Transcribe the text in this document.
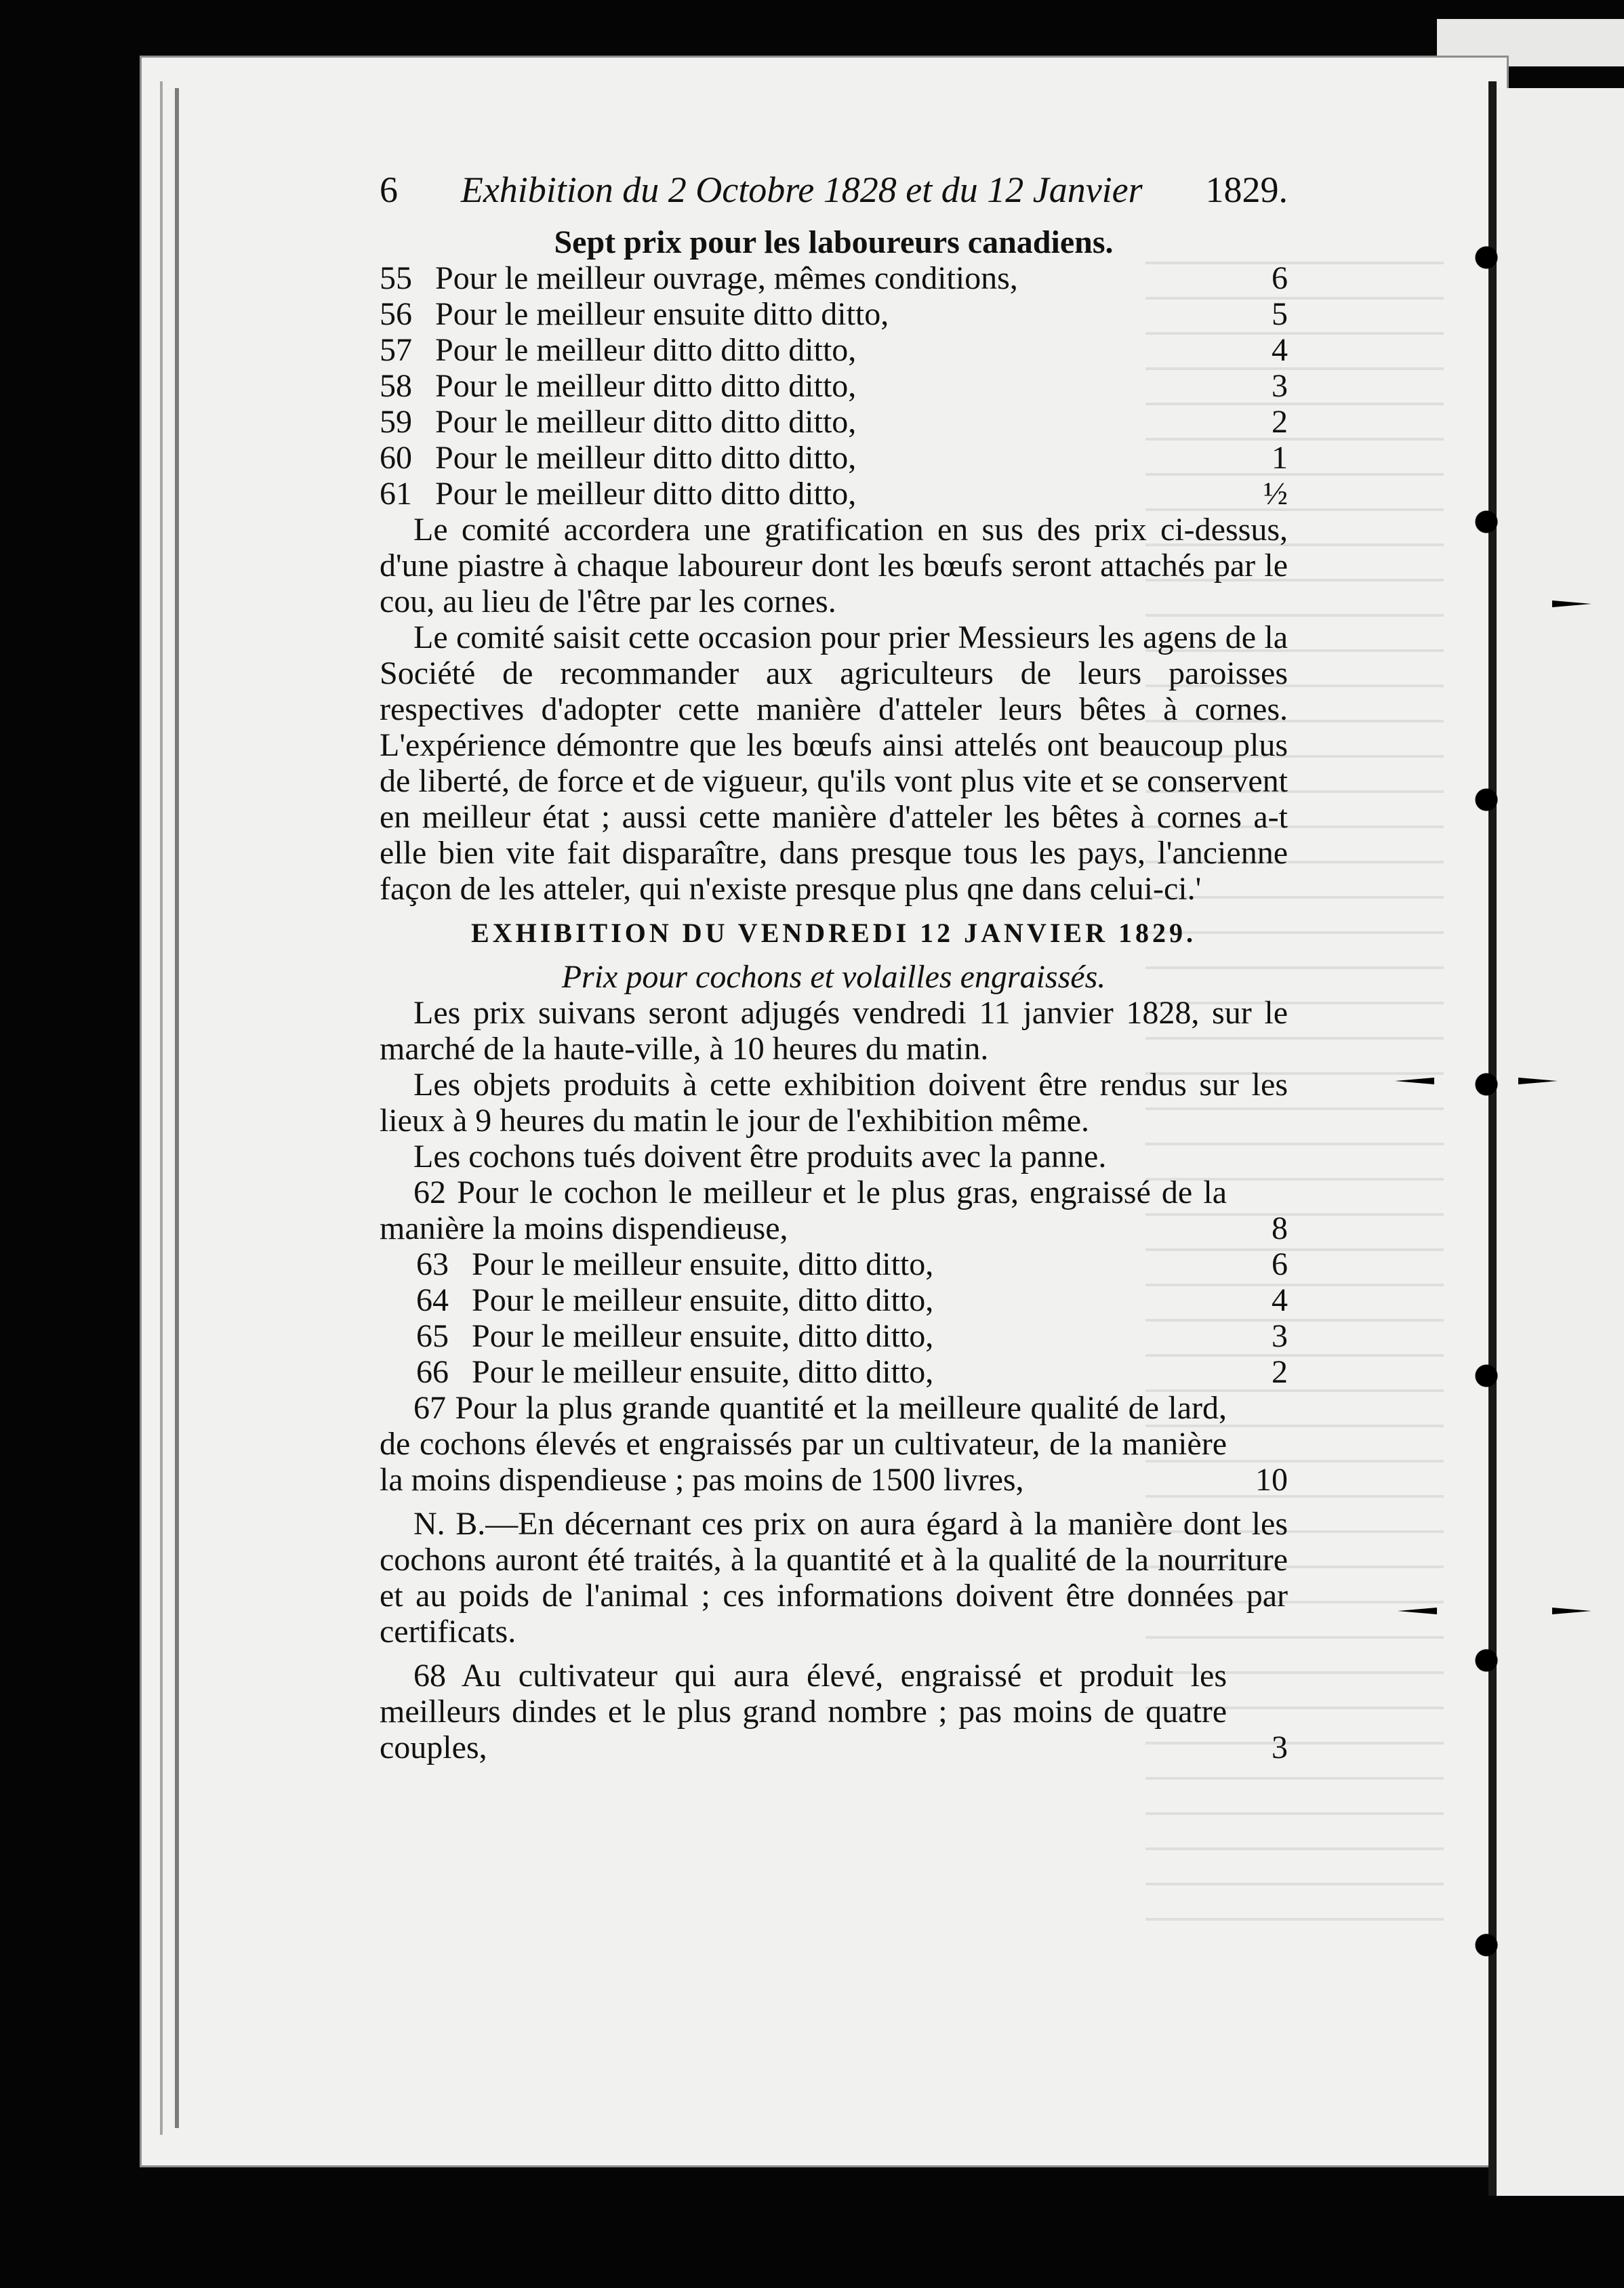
6 Exhibition du 2 Octobre 1828 et du 12 Janvier 1829.
Sept prix pour les laboureurs canadiens.
55 Pour le meilleur ouvrage, mêmes conditions,	6
56 Pour le meilleur ensuite ditto ditto,	5
57 Pour le meilleur ditto ditto ditto,	4
58 Pour le meilleur ditto ditto ditto,	3
59 Pour le meilleur ditto ditto ditto,	2
60 Pour le meilleur ditto ditto ditto,	1
61 Pour le meilleur ditto ditto ditto,	½
Le comité accordera une gratification en sus des prix ci-dessus, d'une piastre à chaque laboureur dont les bœufs seront attachés par le cou, au lieu de l'être par les cornes.
Le comité saisit cette occasion pour prier Messieurs les agens de la Société de recommander aux agriculteurs de leurs paroisses respectives d'adopter cette manière d'atteler leurs bêtes à cornes. L'expérience démontre que les bœufs ainsi attelés ont beaucoup plus de liberté, de force et de vigueur, qu'ils vont plus vite et se conservent en meilleur état ; aussi cette manière d'atteler les bêtes à cornes a-t elle bien vite fait disparaître, dans presque tous les pays, l'ancienne façon de les atteler, qui n'existe presque plus qne dans celui-ci.'
EXHIBITION DU VENDREDI 12 JANVIER 1829.
Prix pour cochons et volailles engraissés.
Les prix suivans seront adjugés vendredi 11 janvier 1828, sur le marché de la haute-ville, à 10 heures du matin.
Les objets produits à cette exhibition doivent être rendus sur les lieux à 9 heures du matin le jour de l'exhibition même.
Les cochons tués doivent être produits avec la panne.
62 Pour le cochon le meilleur et le plus gras, engraissé de la manière la moins dispendieuse,	8
63 Pour le meilleur ensuite, ditto ditto,	6
64 Pour le meilleur ensuite, ditto ditto,	4
65 Pour le meilleur ensuite, ditto ditto,	3
66 Pour le meilleur ensuite, ditto ditto,	2
67 Pour la plus grande quantité et la meilleure qualité de lard, de cochons élevés et engraissés par un cultivateur, de la manière la moins dispendieuse ; pas moins de 1500 livres,	10
N. B.—En décernant ces prix on aura égard à la manière dont les cochons auront été traités, à la quantité et à la qualité de la nourriture et au poids de l'animal ; ces informations doivent être données par certificats.
68 Au cultivateur qui aura élevé, engraissé et produit les meilleurs dindes et le plus grand nombre ; pas moins de quatre couples,	3
